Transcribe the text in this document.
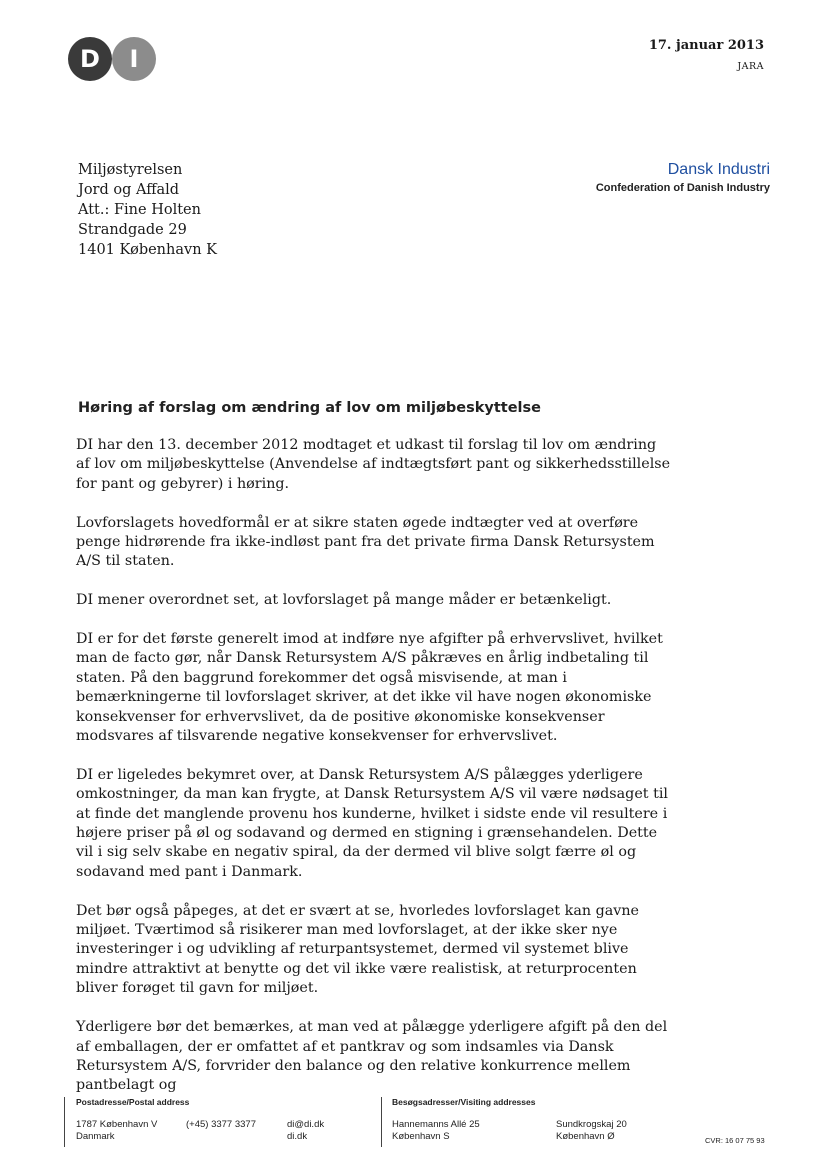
D	I	17. januar 2013
JARA
Miljøstyrelsen
Jord og Affald
Att.: Fine Holten
Strandgade 29
1401 København K
Dansk Industri
Confederation of Danish Industry
Høring af forslag om ændring af lov om miljøbeskyttelse

DI har den 13. december 2012 modtaget et udkast til forslag til lov om ændring af lov om miljøbeskyttelse (Anvendelse af indtægtsført pant og sikkerhedsstillelse for pant og gebyrer) i høring.

Lovforslagets hovedformål er at sikre staten øgede indtægter ved at overføre penge hidrørende fra ikke-indløst pant fra det private firma Dansk Retursystem A/S til staten.

DI mener overordnet set, at lovforslaget på mange måder er betænkeligt.

DI er for det første generelt imod at indføre nye afgifter på erhvervslivet, hvilket man de facto gør, når Dansk Retursystem A/S påkræves en årlig indbetaling til staten. På den baggrund forekommer det også misvisende, at man i bemærkningerne til lovforslaget skriver, at det ikke vil have nogen økonomiske konsekvenser for erhvervslivet, da de positive økonomiske konsekvenser modsvares af tilsvarende negative konsekvenser for erhvervslivet.

DI er ligeledes bekymret over, at Dansk Retursystem A/S pålægges yderligere omkostninger, da man kan frygte, at Dansk Retursystem A/S vil være nødsaget til at finde det manglende provenu hos kunderne, hvilket i sidste ende vil resultere i højere priser på øl og sodavand og dermed en stigning i grænsehandelen. Dette vil i sig selv skabe en negativ spiral, da der dermed vil blive solgt færre øl og sodavand med pant i Danmark.

Det bør også påpeges, at det er svært at se, hvorledes lovforslaget kan gavne miljøet. Tværtimod så risikerer man med lovforslaget, at der ikke sker nye investeringer i og udvikling af returpantsystemet, dermed vil systemet blive mindre attraktivt at benytte og det vil ikke være realistisk, at returprocenten bliver forøget til gavn for miljøet.

Yderligere bør det bemærkes, at man ved at pålægge yderligere afgift på den del af emballagen, der er omfattet af et pantkrav og som indsamles via Dansk Retursystem A/S, forvrider den balance og den relative konkurrence mellem pantbelagt og

Postadresse/Postal address
1787 København V
Danmark
(+45) 3377 3377	di@di.dk
di.dk
Besøgsadresser/Visiting addresses
Hannemanns Allé 25
København S
Sundkrogskaj 20
København Ø	CVR: 16 07 75 93
